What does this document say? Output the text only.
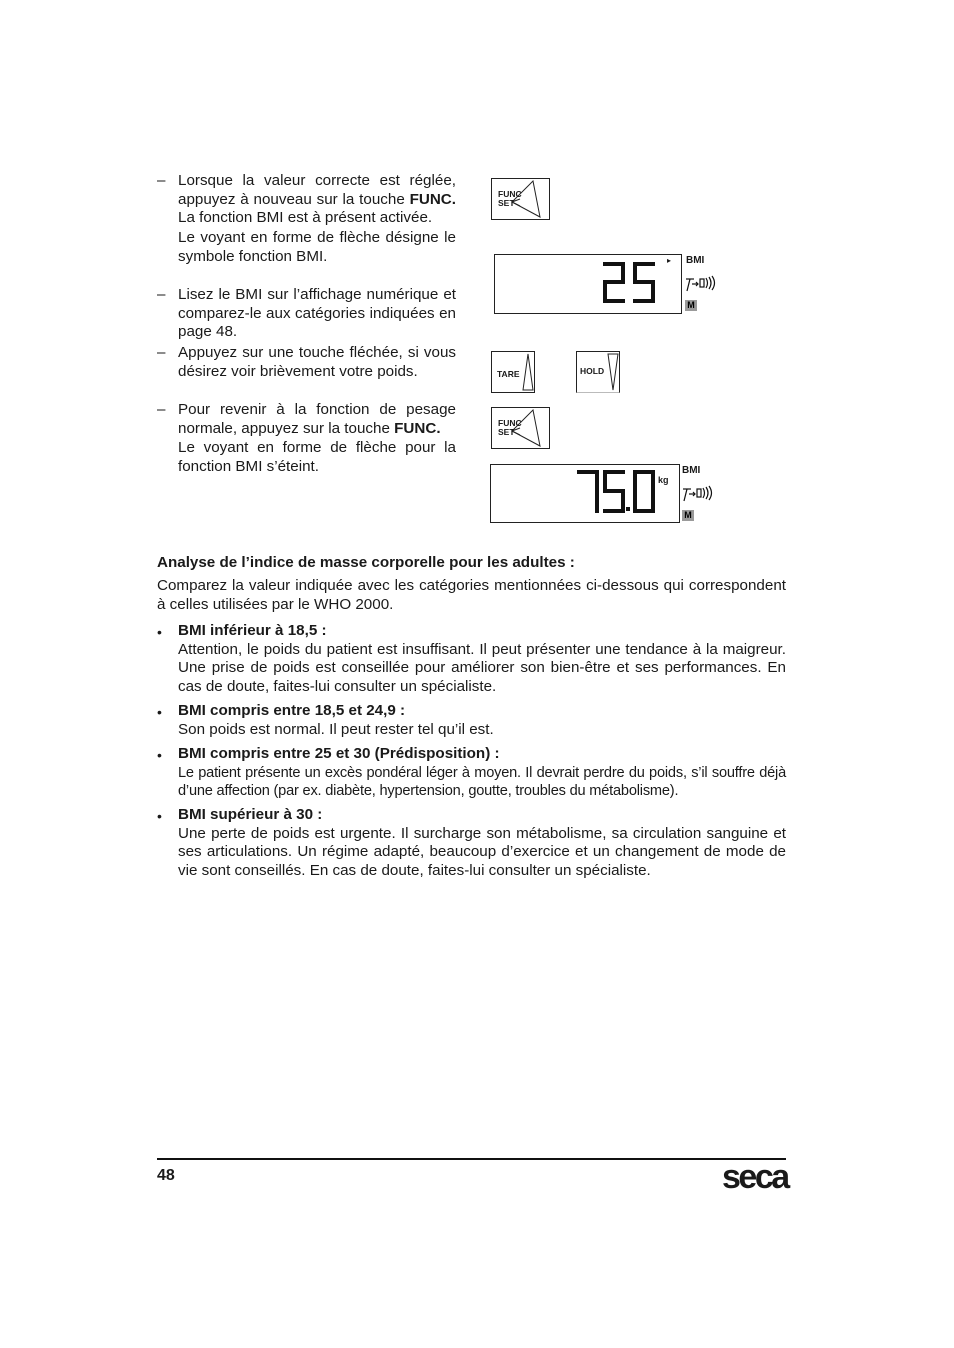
– Lorsque la valeur correcte est réglée, appuyez à nouveau sur la touche FUNC. La fonction BMI est à présent activée.

Le voyant en forme de flèche désigne le symbole fonction BMI.

– Lisez le BMI sur l’affichage numérique et comparez-le aux catégories indiquées en page 48.
– Appuyez sur une touche fléchée, si vous désirez voir brièvement votre poids.
– Pour revenir à la fonction de pesage normale, appuyez sur la touche FUNC.

Le voyant en forme de flèche pour la fonction BMI s’éteint.

FUNC
SET
▸ BMI
M
TARE	HOLD
FUNC
SET
kg
BMI
M
Analyse de l’indice de masse corporelle pour les adultes :
Comparez la valeur indiquée avec les catégories mentionnées ci-dessous qui correspondent à celles utilisées par le WHO 2000.
• BMI inférieur à 18,5 :

Attention, le poids du patient est insuffisant. Il peut présenter une tendance à la maigreur. Une prise de poids est conseillée pour améliorer son bien-être et ses performances. En cas de doute, faites-lui consulter un spécialiste.

• BMI compris entre 18,5 et 24,9 :

Son poids est normal. Il peut rester tel qu’il est.

• BMI compris entre 25 et 30 (Prédisposition) :

Le patient présente un excès pondéral léger à moyen. Il devrait perdre du poids, s’il souffre déjà d’une affection (par ex. diabète, hypertension, goutte, troubles du métabolisme).

• BMI supérieur à 30 :

Une perte de poids est urgente. Il surcharge son métabolisme, sa circulation sanguine et ses articulations. Un régime adapté, beaucoup d’exercice et un changement de mode de vie sont conseillés. En cas de doute, faites-lui consulter un spécialiste.

48	seca
